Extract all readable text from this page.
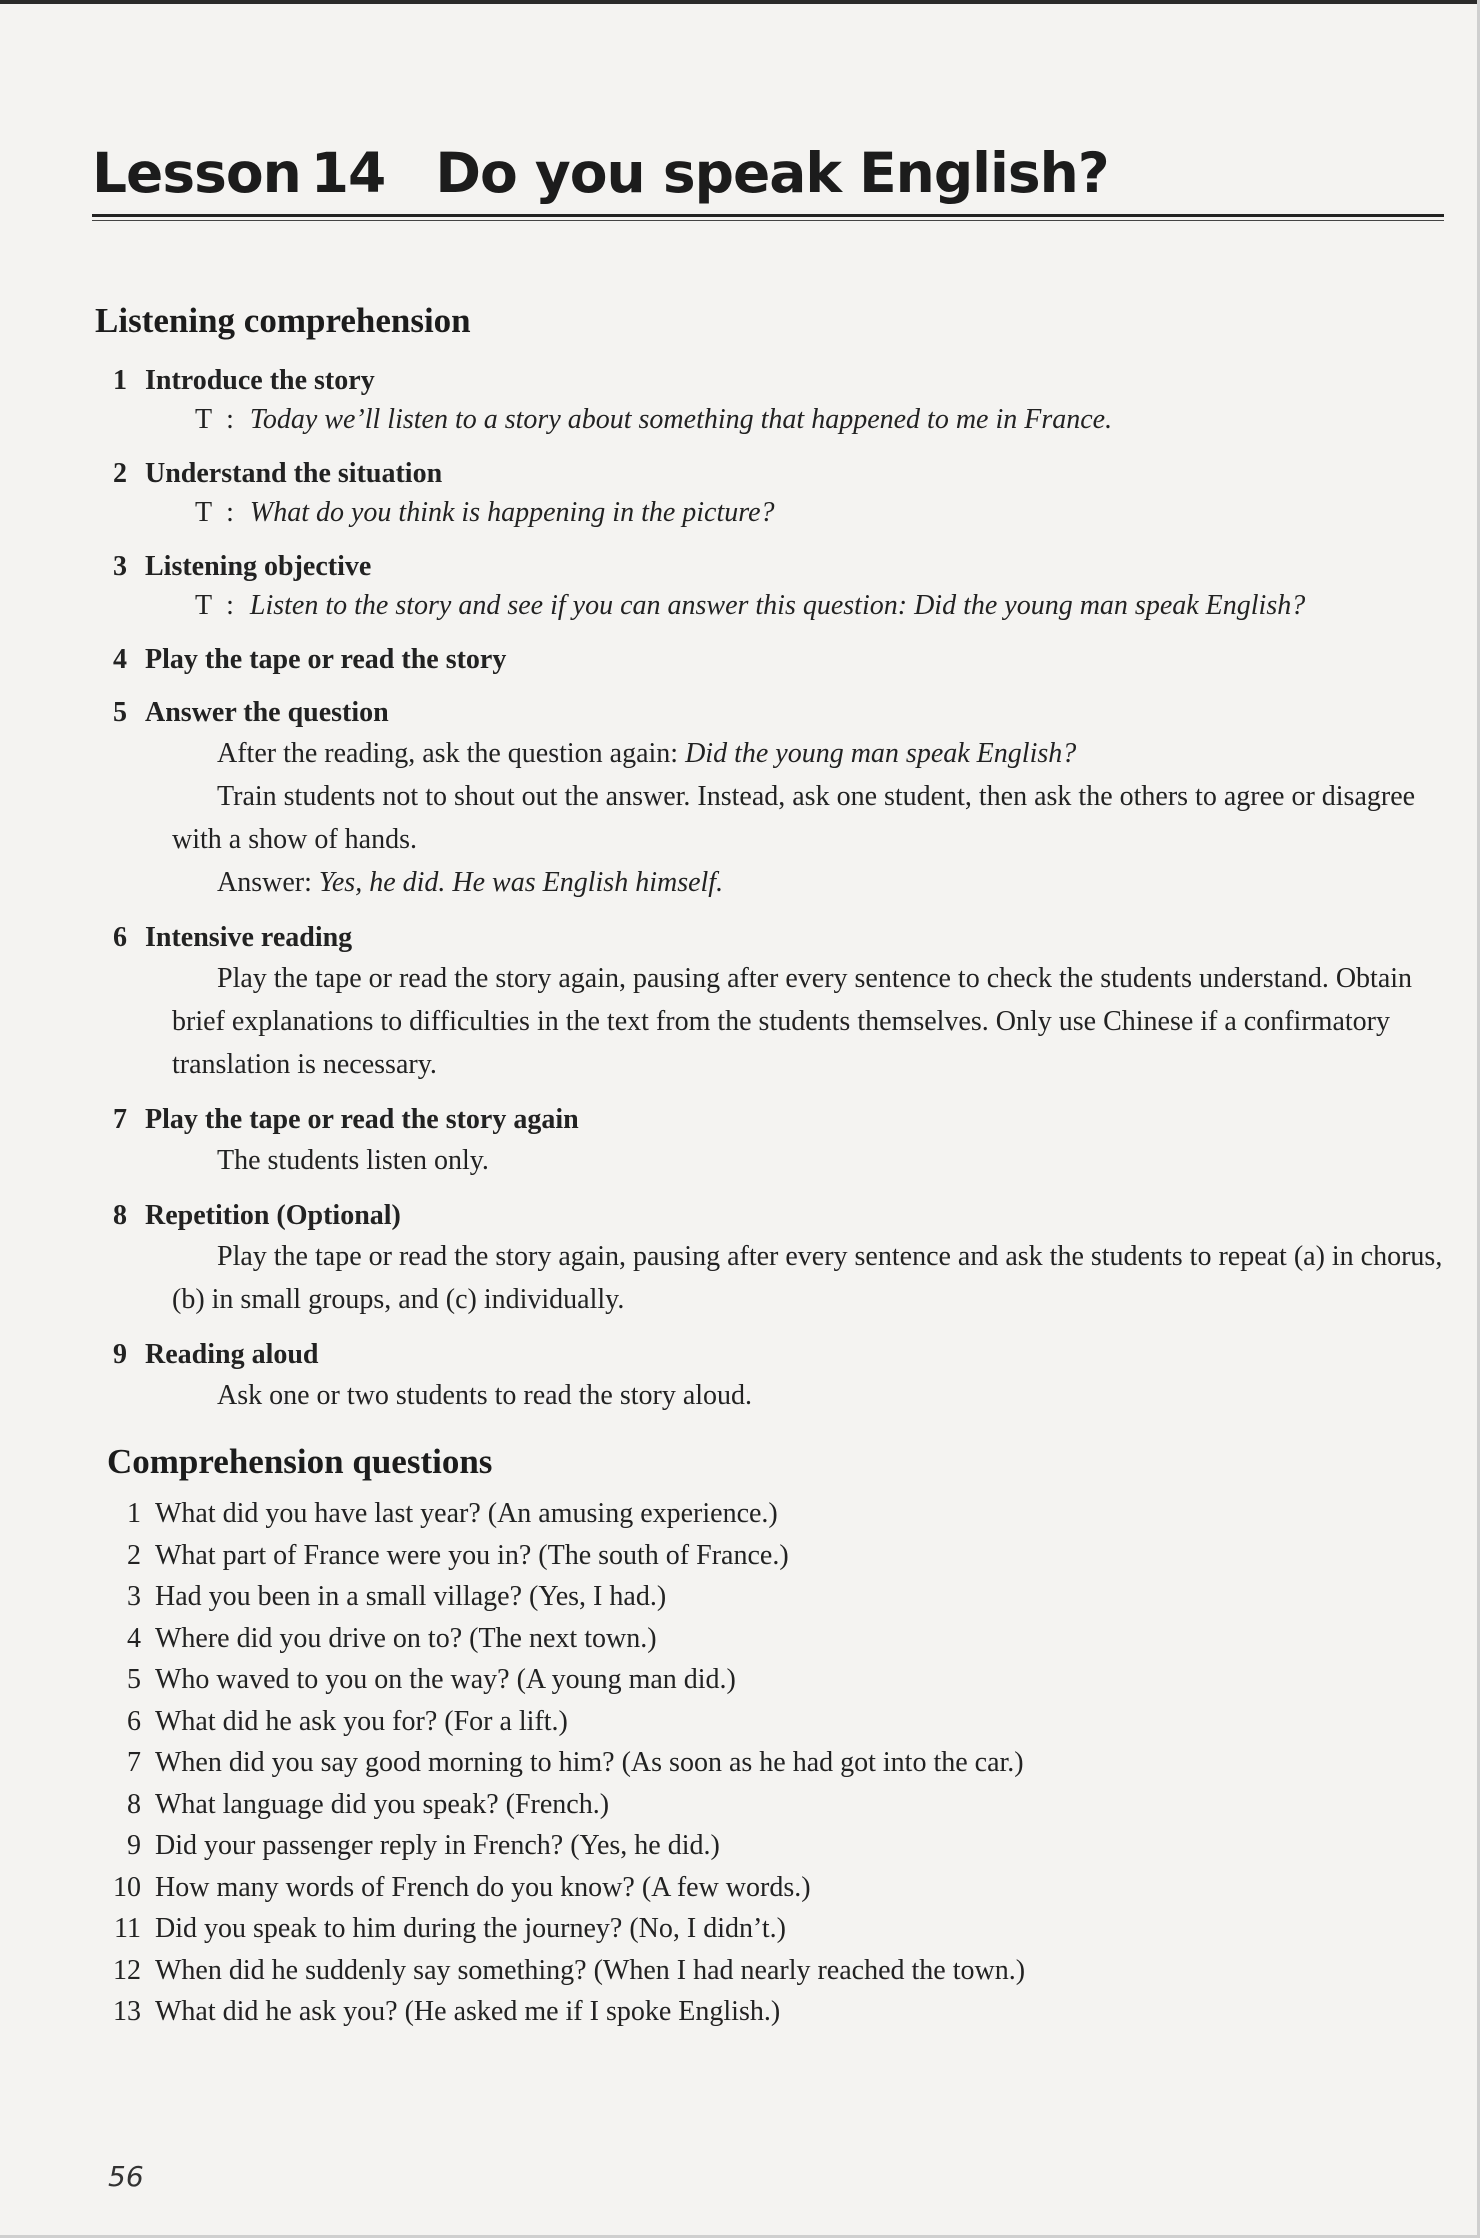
Lesson 14 Do you speak English?
Listening comprehension
1 Introduce the story
T : Today we’ll listen to a story about something that happened to me in France.
2 Understand the situation
T : What do you think is happening in the picture?
3 Listening objective
T : Listen to the story and see if you can answer this question: Did the young man speak English?
4 Play the tape or read the story
5 Answer the question
After the reading, ask the question again: Did the young man speak English?
Train students not to shout out the answer. Instead, ask one student, then ask the others to agree or disagree with a show of hands.
Answer: Yes, he did. He was English himself.
6 Intensive reading
Play the tape or read the story again, pausing after every sentence to check the students understand. Obtain brief explanations to difficulties in the text from the students themselves. Only use Chinese if a confirmatory translation is necessary.
7 Play the tape or read the story again
The students listen only.
8 Repetition (Optional)
Play the tape or read the story again, pausing after every sentence and ask the students to repeat (a) in chorus, (b) in small groups, and (c) individually.
9 Reading aloud
Ask one or two students to read the story aloud.
Comprehension questions
1 What did you have last year? (An amusing experience.)
2 What part of France were you in? (The south of France.)
3 Had you been in a small village? (Yes, I had.)
4 Where did you drive on to? (The next town.)
5 Who waved to you on the way? (A young man did.)
6 What did he ask you for? (For a lift.)
7 When did you say good morning to him? (As soon as he had got into the car.)
8 What language did you speak? (French.)
9 Did your passenger reply in French? (Yes, he did.)
10 How many words of French do you know? (A few words.)
11 Did you speak to him during the journey? (No, I didn’t.)
12 When did he suddenly say something? (When I had nearly reached the town.)
13 What did he ask you? (He asked me if I spoke English.)
56
